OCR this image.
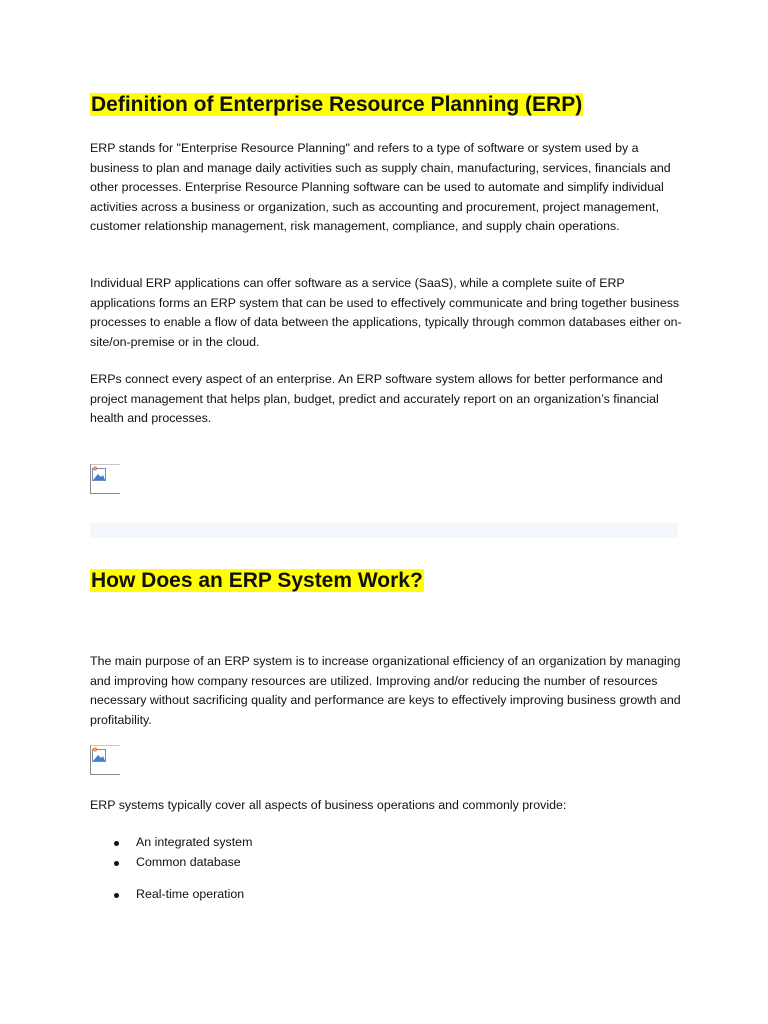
Definition of Enterprise Resource Planning (ERP)

ERP stands for "Enterprise Resource Planning" and refers to a type of software or system used by a business to plan and manage daily activities such as supply chain, manufacturing, services, financials and other processes. Enterprise Resource Planning software can be used to automate and simplify individual activities across a business or organization, such as accounting and procurement, project management, customer relationship management, risk management, compliance, and supply chain operations.

Individual ERP applications can offer software as a service (SaaS), while a complete suite of ERP applications forms an ERP system that can be used to effectively communicate and bring together business processes to enable a flow of data between the applications, typically through common databases either on-site/on-premise or in the cloud.

ERPs connect every aspect of an enterprise. An ERP software system allows for better performance and project management that helps plan, budget, predict and accurately report on an organization’s financial health and processes.

How Does an ERP System Work?

The main purpose of an ERP system is to increase organizational efficiency of an organization by managing and improving how company resources are utilized. Improving and/or reducing the number of resources necessary without sacrificing quality and performance are keys to effectively improving business growth and profitability.

ERP systems typically cover all aspects of business operations and commonly provide:

An integrated system
Common database
Real-time operation
